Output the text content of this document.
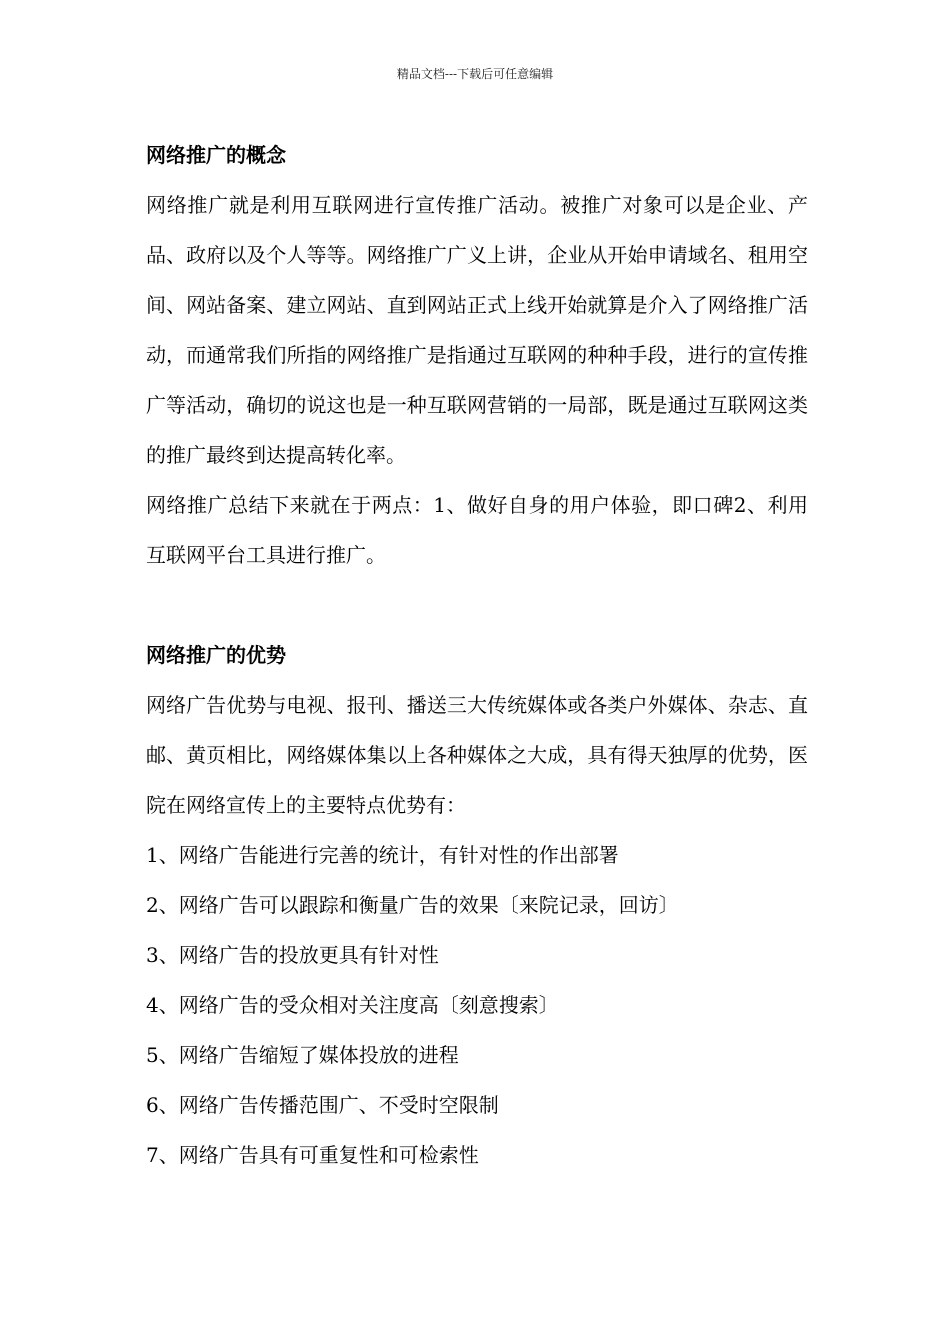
精品文档---下载后可任意编辑
网络推广的概念

网络推广就是利用互联网进行宣传推广活动。被推广对象可以是企业、产品、政府以及个人等等。网络推广广义上讲，企业从开始申请域名、租用空间、网站备案、建立网站、直到网站正式上线开始就算是介入了网络推广活动，而通常我们所指的网络推广是指通过互联网的种种手段，进行的宣传推广等活动，确切的说这也是一种互联网营销的一局部，既是通过互联网这类的推广最终到达提高转化率。

网络推广总结下来就在于两点：1、做好自身的用户体验，即口碑2、利用互联网平台工具进行推广。

网络推广的优势

网络广告优势与电视、报刊、播送三大传统媒体或各类户外媒体、杂志、直邮、黄页相比，网络媒体集以上各种媒体之大成，具有得天独厚的优势，医院在网络宣传上的主要特点优势有：

1、网络广告能进行完善的统计，有针对性的作出部署
2、网络广告可以跟踪和衡量广告的效果〔来院记录，回访〕
3、网络广告的投放更具有针对性
4、网络广告的受众相对关注度高〔刻意搜索〕
5、网络广告缩短了媒体投放的进程
6、网络广告传播范围广、不受时空限制
7、网络广告具有可重复性和可检索性
